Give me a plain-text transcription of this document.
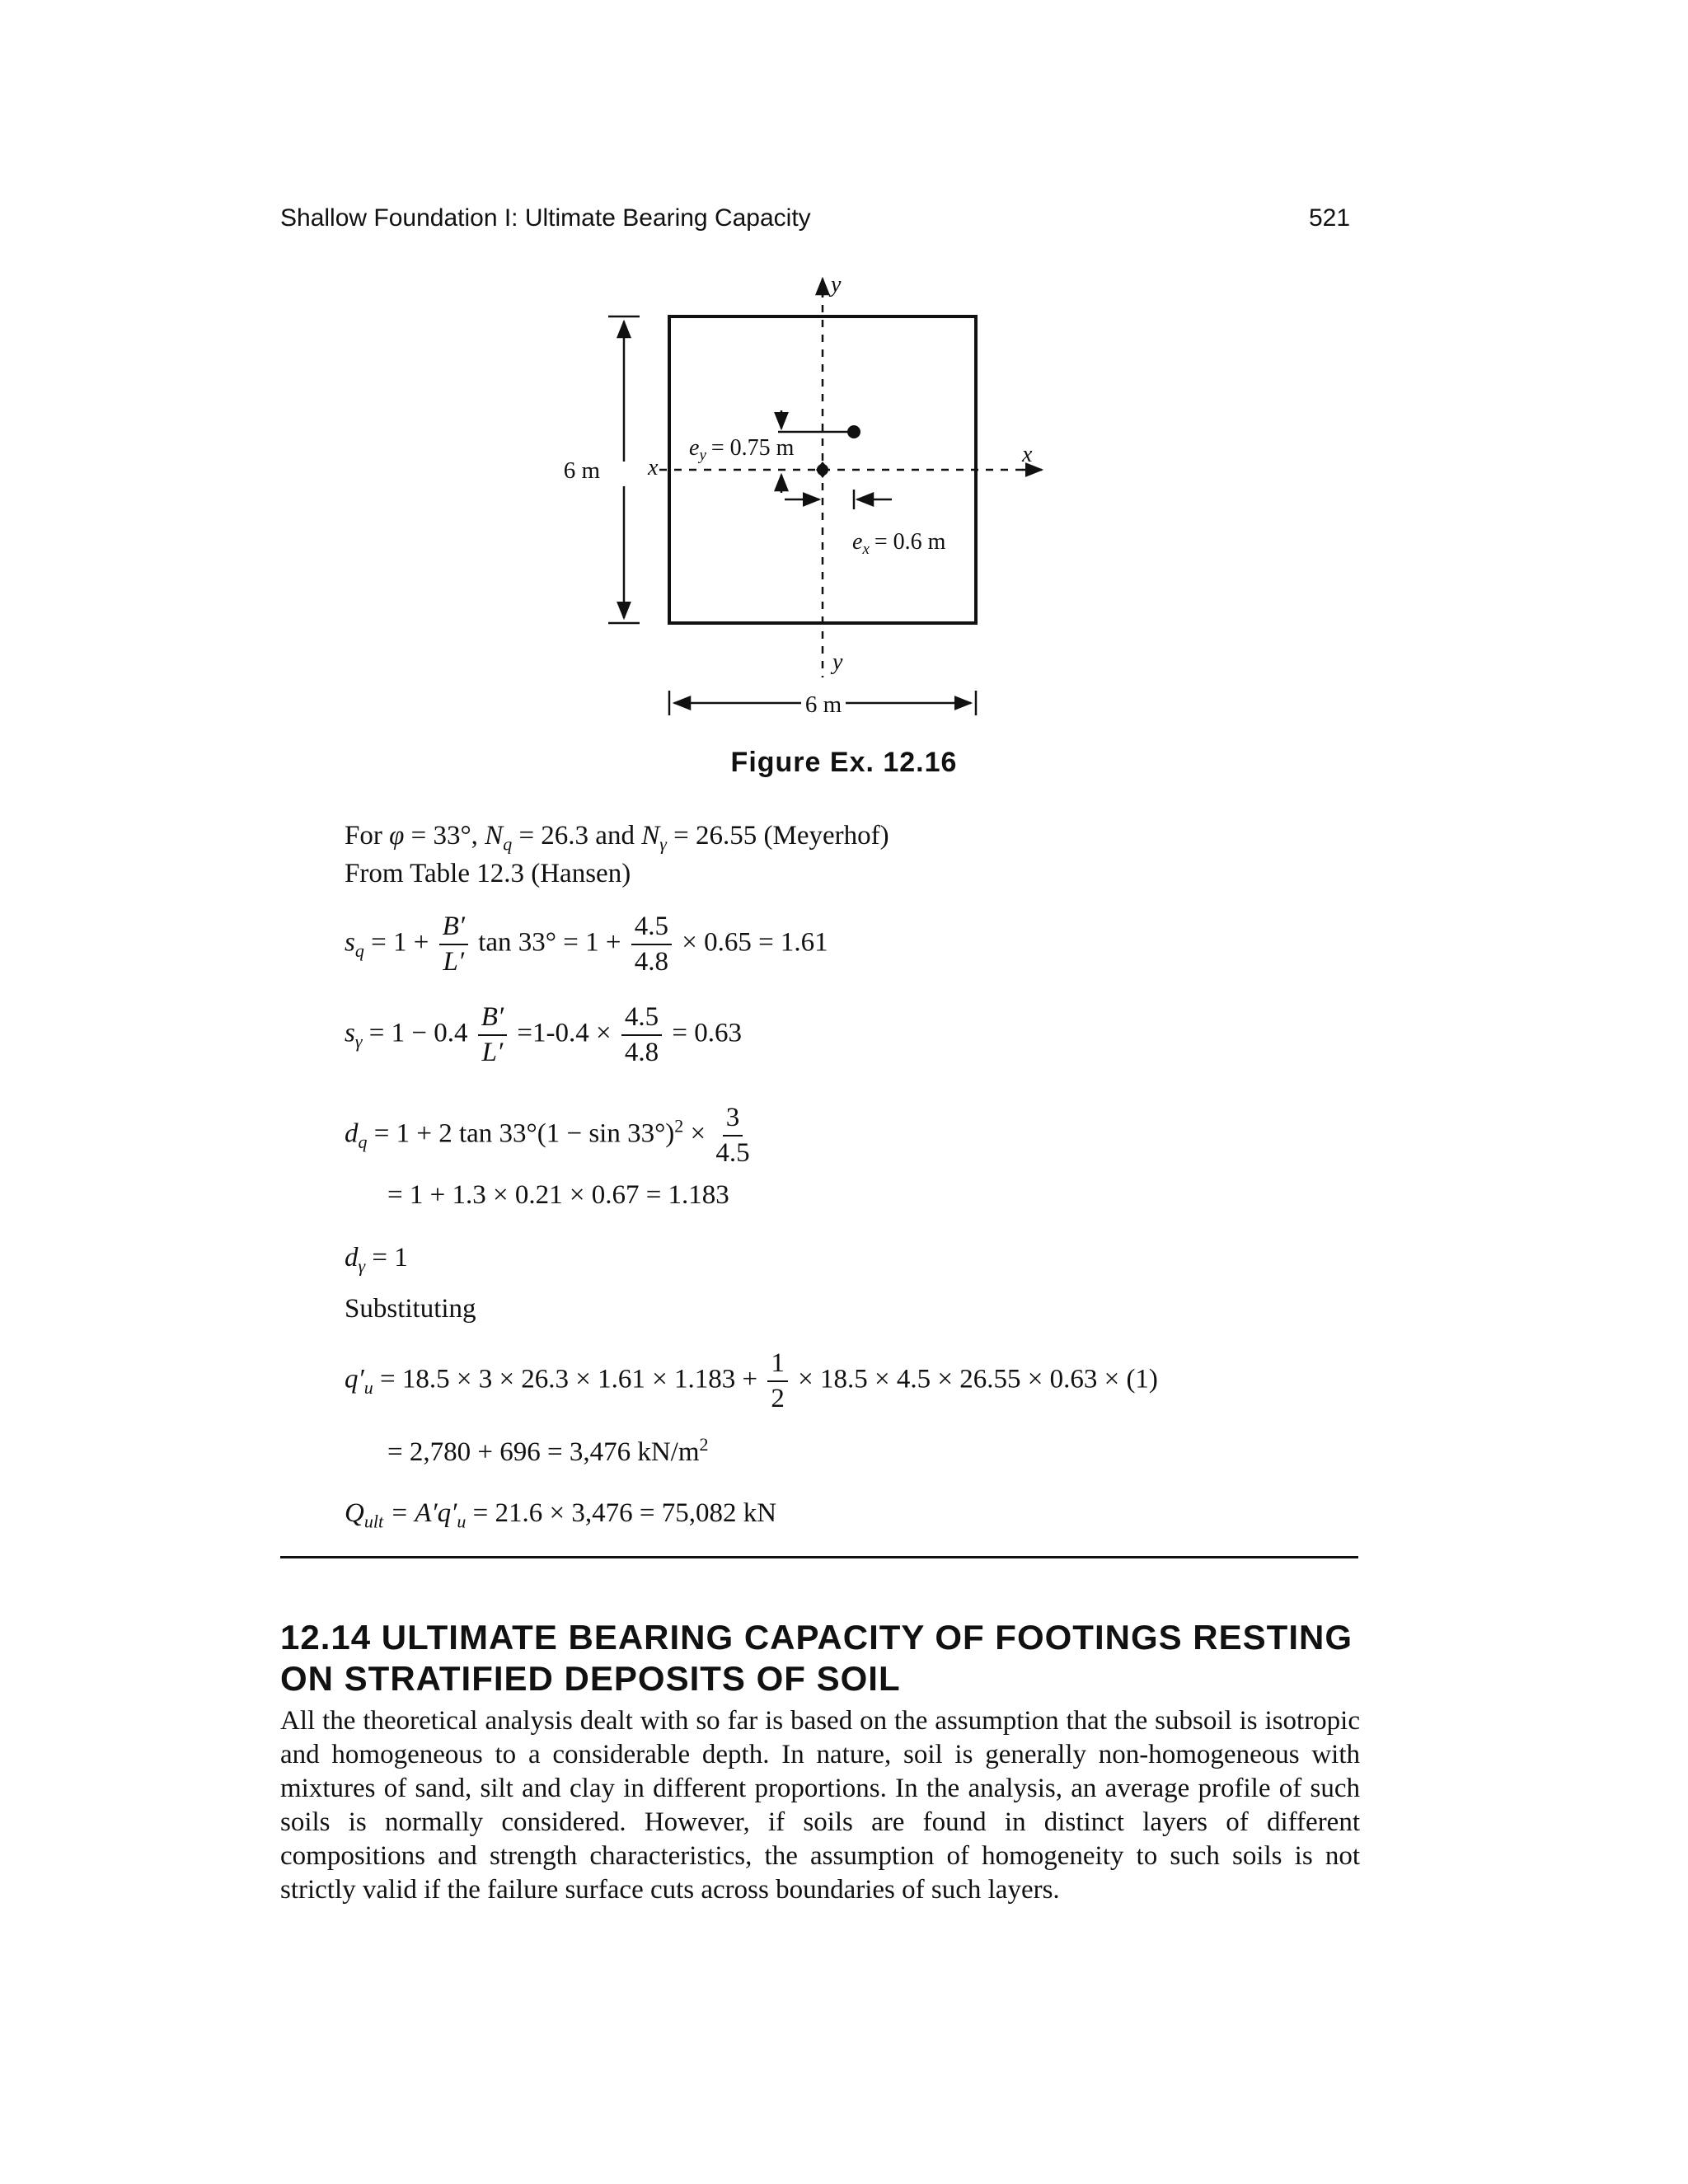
Shallow Foundation I: Ultimate Bearing Capacity	521
y
y
x
x
6 m
6 m
$e_y = 0.75$ m
$e_x = 0.6$ m
Figure Ex. 12.16
For φ = 33°, $N_q = 26.3$ and $N_\gamma = 26.55$ (Meyerhof)
From Table 12.3 (Hansen)
$s_q = 1 + \frac{B'}{L'}$ $\tan 33^\circ = 1 + \frac{4.5}{4.8} \times 0.65 = 1.61$
$s_\gamma = 1 - 0.4 \frac{B'}{L'} =1-0.4 \times \frac{4.5}{4.8} = 0.63$
$d_q = 1 + 2$ $\tan 33^\circ(1 - \sin 33^\circ)^2 \times \frac{3}{4.5}$
= 1 + 1.3 × 0.21 × 0.67 = 1.183
$d_\gamma = 1$
Substituting
$q'_u = 18.5 \times 3 \times 26.3 \times 1.61 \times 1.183 + \frac{1}{2} \times 18.5 \times 4.5 \times 26.55 \times 0.63 \times (1)$
= 2,780 + 696 = 3,476 $kN/m^2$
$Q_{ult} = A'q'_u = 21.6 \times 3,476 = 75,082$ kN
12.14 ULTIMATE BEARING CAPACITY OF FOOTINGS RESTING ON STRATIFIED DEPOSITS OF SOIL
All the theoretical analysis dealt with so far is based on the assumption that the subsoil is isotropic and homogeneous to a considerable depth. In nature, soil is generally non-homogeneous with mixtures of sand, silt and clay in different proportions. In the analysis, an average profile of such soils is normally considered. However, if soils are found in distinct layers of different compositions and strength characteristics, the assumption of homogeneity to such soils is not strictly valid if the failure surface cuts across boundaries of such layers.
